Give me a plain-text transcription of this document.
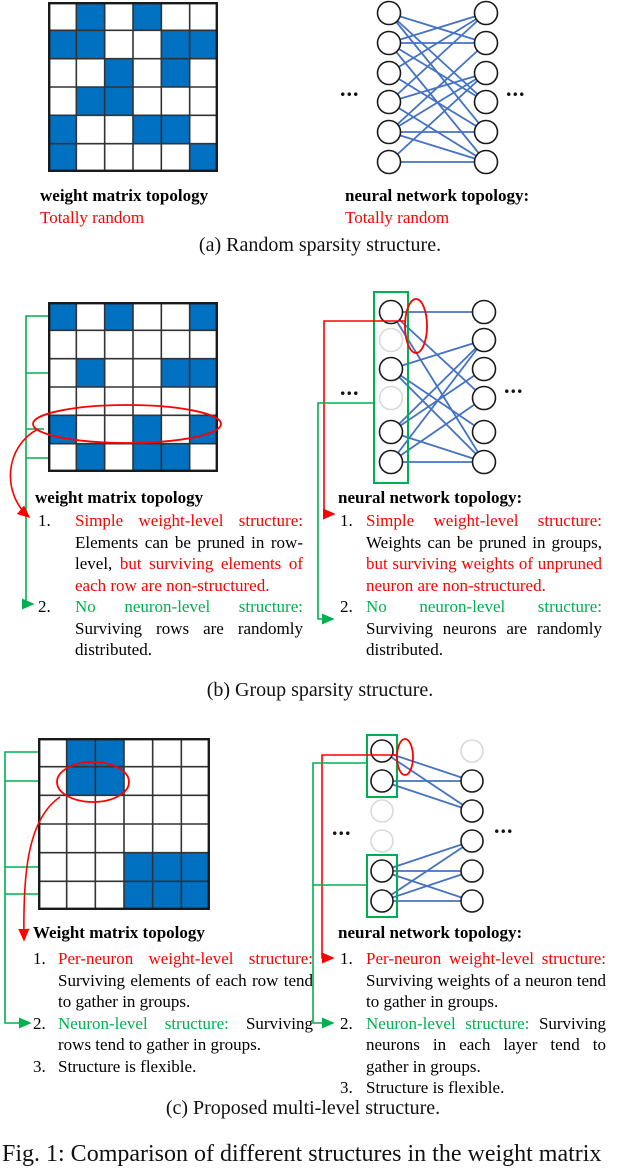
...	...
weight matrix topology
Totally random
neural network topology:
Totally random
(a) Random sparsity structure.
...	...
weight matrix topology	neural network topology:
1.	Simple weight-level structure: Elements can be pruned in row-level, but surviving elements of each row are non-structured.

2.	No neuron-level structure: Surviving rows are randomly distributed.

1. Simple weight-level structure: Weights can be pruned in groups, but surviving weights of unpruned neuron are non-structured.

2. No neuron-level structure: Surviving neurons are randomly distributed.

(b) Group sparsity structure.
...	...
Weight matrix topology	neural network topology:
1. Per-neuron weight-level structure: Surviving elements of each row tend to gather in groups.

2. Neuron-level structure: Surviving rows tend to gather in groups.

3. Structure is flexible.

1. Per-neuron weight-level structure: Surviving weights of a neuron tend to gather in groups.

2. Neuron-level structure: Surviving neurons in each layer tend to gather in groups.

3. Structure is flexible.

(c) Proposed multi-level structure.
Fig. 1: Comparison of different structures in the weight matrix
